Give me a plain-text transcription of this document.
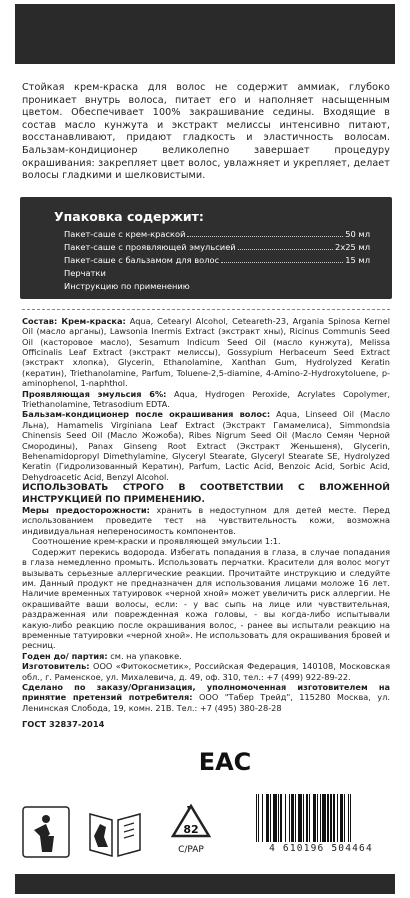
Стойкая крем-краска для волос не содержит аммиак, глубоко проникает внутрь волоса, питает его и наполняет насыщенным цветом. Обеспечивает 100% закрашивание седины. Входящие в состав масло кунжута и экстракт мелиссы интенсивно питают, восстанавливают, придают гладкость и эластичность волосам. Бальзам-кондиционер великолепно завершает процедуру окрашивания: закрепляет цвет волос, увлажняет и укрепляет, делает волосы гладкими и шелковистыми.

Упаковка содержит:
Пакет-саше с крем-краской	50 мл
Пакет-саше с проявляющей эмульсией	2х25 мл
Пакет-саше с бальзамом для волос	15 мл
Перчатки
Инструкцию по применению

Состав: Крем-краска: Aqua, Cetearyl Alcohol, Ceteareth-23, Argania Spinosa Kernel Oil (масло арганы), Lawsonia Inermis Extract (экстракт хны), Ricinus Communis Seed Oil (касторовое масло), Sesamum Indicum Seed Oil (масло кунжута), Melissa Officinalis Leaf Extract (экстракт мелиссы), Gossypium Herbaceum Seed Extract (экстракт хлопка), Glycerin, Ethanolamine, Xanthan Gum, Hydrolyzed Keratin (кератин), Triethanolamine, Parfum, Toluene-2,5-diamine, 4-Amino-2-Hydroxytoluene, p-aminophenol, 1-naphthol.

Проявляющая эмульсия 6%: Aqua, Hydrogen Peroxide, Acrylates Copolymer, Triethanolamine, Tetrasodium EDTA.

Бальзам-кондиционер после окрашивания волос: Aqua, Linseed Oil (Масло Льна), Hamamelis Virginiana Leaf Extract (Экстракт Гамамелиса), Simmondsia Chinensis Seed Oil (Масло Жожоба), Ribes Nigrum Seed Oil (Масло Семян Черной Смородины), Panax Ginseng Root Extract (Экстракт Женьшеня), Glycerin, Behenamidopropyl Dimethylamine, Glyceryl Stearate, Glyceryl Stearate SE, Hydrolyzed Keratin (Гидролизованный Кератин), Parfum, Lactic Acid, Benzoic Acid, Sorbic Acid, Dehydroacetic Acid, Benzyl Alcohol.

ИСПОЛЬЗОВАТЬ СТРОГО В СООТВЕТСТВИИ С ВЛОЖЕННОЙ ИНСТРУКЦИЕЙ ПО ПРИМЕНЕНИЮ.

Меры предосторожности: хранить в недоступном для детей месте. Перед использованием проведите тест на чувствительность кожи, возможна индивидуальная непереносимость компонентов.

Соотношение крем-краски и проявляющей эмульсии 1:1.

Содержит перекись водорода. Избегать попадания в глаза, в случае попадания в глаза немедленно промыть. Использовать перчатки. Красители для волос могут вызывать серьезные аллергические реакции. Прочитайте инструкцию и следуйте им. Данный продукт не предназначен для использования лицами моложе 16 лет. Наличие временных татуировок «черной хной» может увеличить риск аллергии. Не окрашивайте ваши волосы, если: - у вас сыпь на лице или чувствительная, раздраженная или поврежденная кожа головы, - вы когда-либо испытывали какую-либо реакцию после окрашивания волос, - ранее вы испытали реакцию на временные татуировки «черной хной». Не использовать для окрашивания бровей и ресниц.

Годен до/ партия: см. на упаковке.

Изготовитель: ООО «Фитокосметик», Российская Федерация, 140108, Московская обл., г. Раменское, ул. Михалевича, д. 49, оф. 310, тел.: +7 (499) 922-89-22.

Сделано по заказу/Организация, уполномоченная изготовителем на принятие претензий потребителя: ООО "Табер Трейд", 115280 Москва, ул. Ленинская Слобода, 19, комн. 21В. Тел.: +7 (495) 380-28-28

ГОСТ 32837-2014
ЕАС
82
C/PAP	4 610196 504464
